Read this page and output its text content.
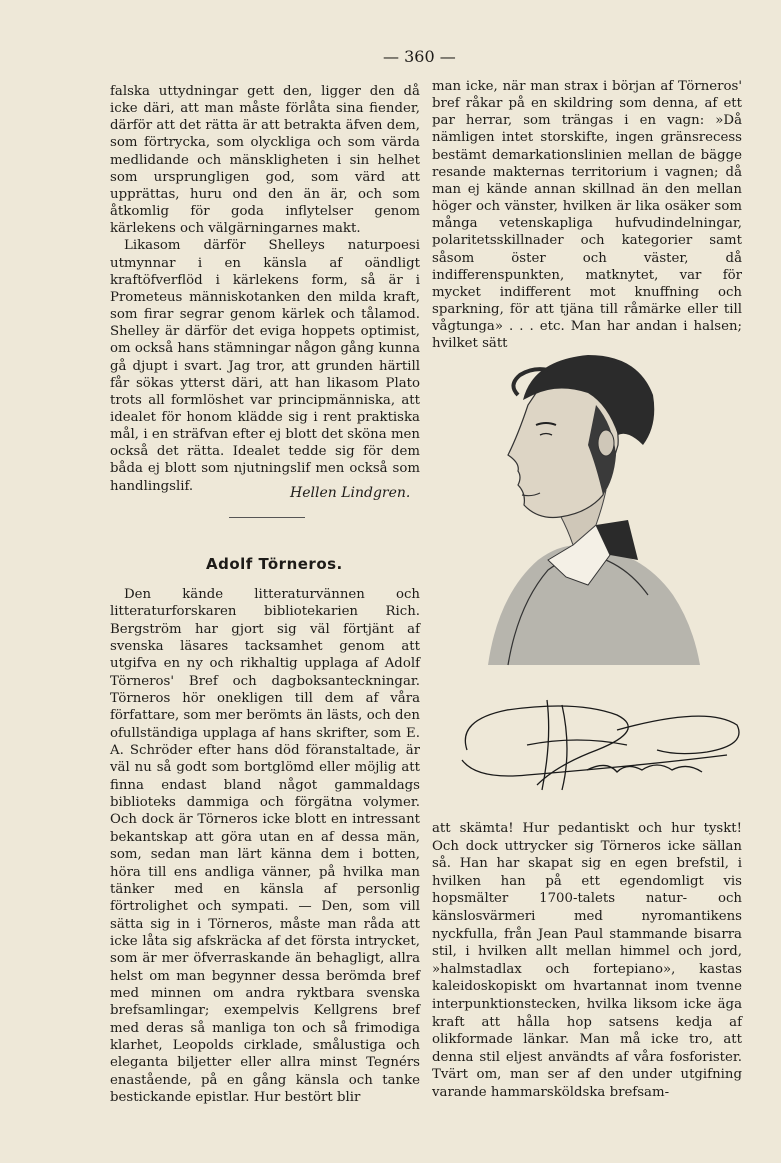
— 360 —

falska uttydningar gett den, ligger den då icke däri, att man måste förlåta sina fiender, därför att det rätta är att betrakta äfven dem, som förtrycka, som olyckliga och som värda medlidande och mänskligheten i sin helhet som ursprungligen god, som värd att upprättas, huru ond den än är, och som åtkomlig för goda inflytelser genom kärlekens och välgärningarnes makt.

Likasom därför Shelleys naturpoesi utmynnar i en känsla af oändligt kraftöfverflöd i kärlekens form, så är i Prometeus människotanken den milda kraft, som firar segrar genom kärlek och tålamod. Shelley är därför det eviga hoppets optimist, om också hans stämningar någon gång kunna gå djupt i svart. Jag tror, att grunden härtill får sökas ytterst däri, att han likasom Plato trots all formlöshet var principmänniska, att idealet för honom klädde sig i rent praktiska mål, i en sträfvan efter ej blott det sköna men också det rätta. Idealet tedde sig för dem båda ej blott som njutningslif men också som handlingslif.	Hellen Lindgren.
Adolf Törneros.

Den kände litteraturvännen och litteraturforskaren bibliotekarien Rich. Bergström har gjort sig väl förtjänt af svenska läsares tacksamhet genom att utgifva en ny och rikhaltig upplaga af Adolf Törneros' Bref och dagboksanteckningar. Törneros hör onekligen till dem af våra författare, som mer berömts än lästs, och den ofullständiga upplaga af hans skrifter, som E. A. Schröder efter hans död föranstaltade, är väl nu så godt som bortglömd eller möjlig att finna endast bland något gammaldags biblioteks dammiga och förgätna volymer. Och dock är Törneros icke blott en intressant bekantskap att göra utan en af dessa män, som, sedan man lärt känna dem i botten, höra till ens andliga vänner, på hvilka man tänker med en känsla af personlig förtrolighet och sympati. — Den, som vill sätta sig in i Törneros, måste man råda att icke låta sig afskräcka af det första intrycket, som är mer öfverraskande än behagligt, allra helst om man begynner dessa berömda bref med minnen om andra ryktbara svenska brefsamlingar; exempelvis Kellgrens bref med deras så manliga ton och så frimodiga klarhet, Leopolds cirklade, smålustiga och eleganta biljetter eller allra minst Tegnérs enastående, på en gång känsla och tanke bestickande epistlar. Hur bestört blir

man icke, när man strax i början af Törneros' bref råkar på en skildring som denna, af ett par herrar, som trängas i en vagn: »Då nämligen intet storskifte, ingen gränsrecess bestämt demarkationslinien mellan de bägge resande makternas territorium i vagnen; då man ej kände annan skillnad än den mellan höger och vänster, hvilken är lika osäker som många vetenskapliga hufvudindelningar, polaritetsskillnader och kategorier samt såsom öster och väster, då indifferenspunkten, matknytet, var för mycket indifferent mot knuffning och sparkning, för att tjäna till råmärke eller till vågtunga» . . . etc. Man har andan i halsen; hvilket sätt

att skämta! Hur pedantiskt och hur tyskt! Och dock uttrycker sig Törneros icke sällan så. Han har skapat sig en egen brefstil, i hvilken han på ett egendomligt vis hopsmälter 1700-talets natur- och känslosvärmeri med nyromantikens nyckfulla, från Jean Paul stammande bisarra stil, i hvilken allt mellan himmel och jord, »halmstadlax och fortepiano», kastas kaleidoskopiskt om hvartannat inom tvenne interpunktionstecken, hvilka liksom icke äga kraft att hålla hop satsens kedja af olikformade länkar. Man må icke tro, att denna stil eljest användts af våra fosforister. Tvärt om, man ser af den under utgifning varande hammarsköldska brefsam-
